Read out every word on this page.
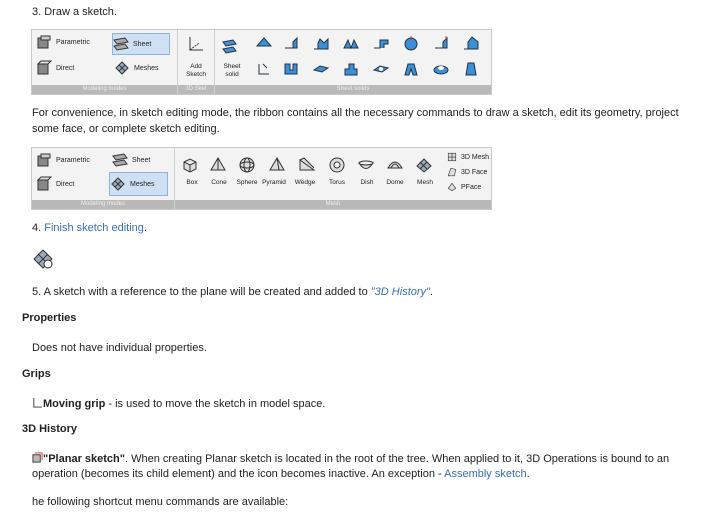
3. Draw a sketch.
Parametric	Sheet
Direct	Meshes
Modeling modes
Add
Sketch
3D Sket
Sheet
solid
Sheet solids
For convenience, in sketch editing mode, the ribbon contains all the necessary commands to draw a sketch, edit its geometry, project
some face, or complete sketch editing.
Parametric	Sheet
Direct	Meshes
Modeling modes	Mesh
Box	Cone	Sphere Pyramid	Wedge	Torus	Dish	Dome	Mesh
3D Mesh
3D Face
PFace
4. Finish sketch editing.
5. A sketch with a reference to the plane will be created and added to "3D History".
Properties
Does not have individual properties.
Grips
Moving grip - is used to move the sketch in model space.
3D History
"Planar sketch". When creating Planar sketch is located in the root of the tree. When applied to it, 3D Operations is bound to an
operation (becomes its child element) and the icon becomes inactive. An exception - Assembly sketch.
he following shortcut menu commands are available:
